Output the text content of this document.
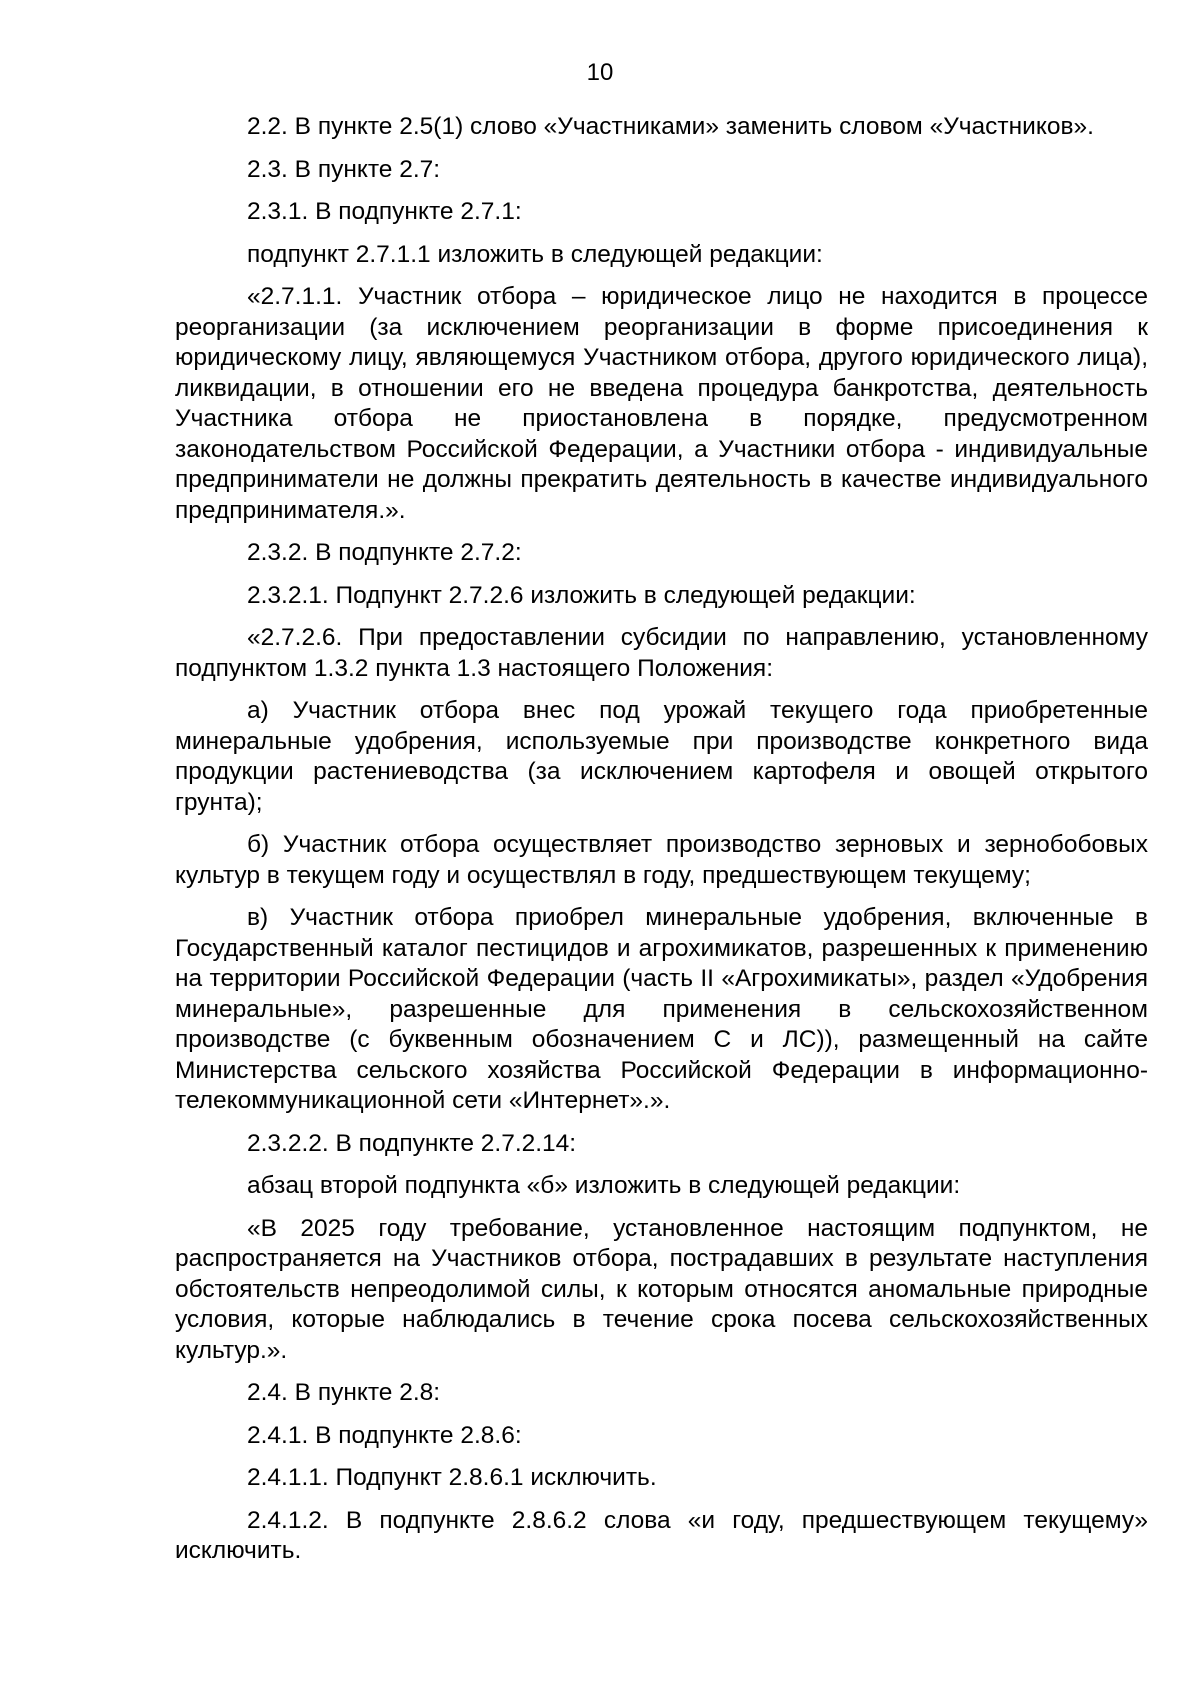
10

2.2. В пункте 2.5(1) слово «Участниками» заменить словом «Участников».

2.3. В пункте 2.7:

2.3.1. В подпункте 2.7.1:

подпункт 2.7.1.1 изложить в следующей редакции:

«2.7.1.1. Участник отбора – юридическое лицо не находится в процессе реорганизации (за исключением реорганизации в форме присоединения к юридическому лицу, являющемуся Участником отбора, другого юридического лица), ликвидации, в отношении его не введена процедура банкротства, деятельность Участника отбора не приостановлена в порядке, предусмотренном законодательством Российской Федерации, а Участники отбора - индивидуальные предприниматели не должны прекратить деятельность в качестве индивидуального предпринимателя.».

2.3.2. В подпункте 2.7.2:

2.3.2.1. Подпункт 2.7.2.6 изложить в следующей редакции:

«2.7.2.6. При предоставлении субсидии по направлению, установленному подпунктом 1.3.2 пункта 1.3 настоящего Положения:

а) Участник отбора внес под урожай текущего года приобретенные минеральные удобрения, используемые при производстве конкретного вида продукции растениеводства (за исключением картофеля и овощей открытого грунта);

б) Участник отбора осуществляет производство зерновых и зернобобовых культур в текущем году и осуществлял в году, предшествующем текущему;

в) Участник отбора приобрел минеральные удобрения, включенные в Государственный каталог пестицидов и агрохимикатов, разрешенных к применению на территории Российской Федерации (часть II «Агрохимикаты», раздел «Удобрения минеральные», разрешенные для применения в сельскохозяйственном производстве (с буквенным обозначением С и ЛС)), размещенный на сайте Министерства сельского хозяйства Российской Федерации в информационно-телекоммуникационной сети «Интернет».».

2.3.2.2. В подпункте 2.7.2.14:

абзац второй подпункта «б» изложить в следующей редакции:

«В 2025 году требование, установленное настоящим подпунктом, не распространяется на Участников отбора, пострадавших в результате наступления обстоятельств непреодолимой силы, к которым относятся аномальные природные условия, которые наблюдались в течение срока посева сельскохозяйственных культур.».

2.4. В пункте 2.8:

2.4.1. В подпункте 2.8.6:

2.4.1.1. Подпункт 2.8.6.1 исключить.

2.4.1.2. В подпункте 2.8.6.2 слова «и году, предшествующем текущему» исключить.
